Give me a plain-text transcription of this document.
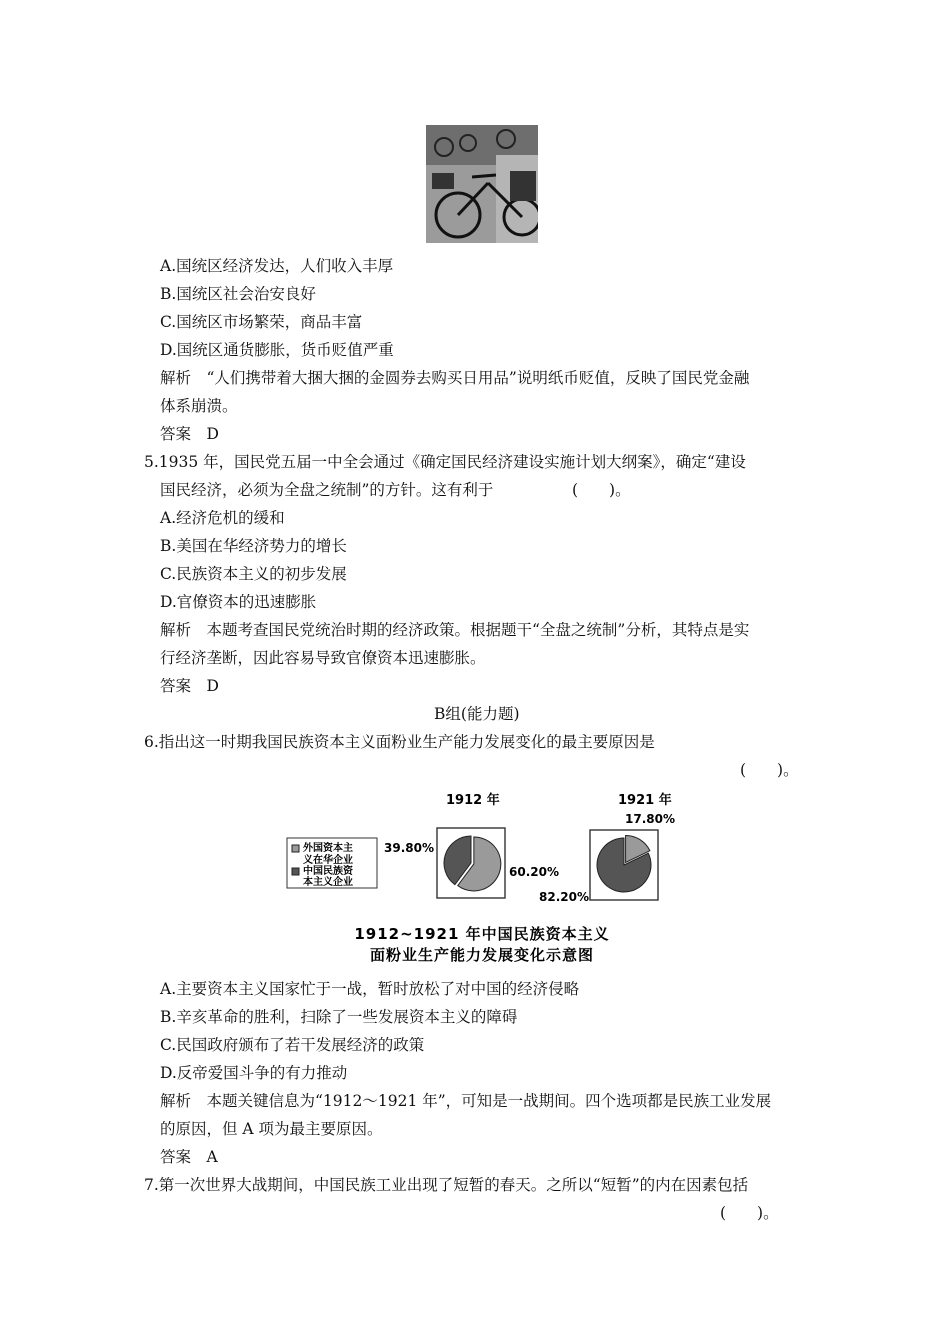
A.国统区经济发达，人们收入丰厚
B.国统区社会治安良好
C.国统区市场繁荣，商品丰富
D.国统区通货膨胀，货币贬值严重
解析　“人们携带着大捆大捆的金圆券去购买日用品”说明纸币贬值，反映了国民党金融
体系崩溃。
答案　D
5.1935 年，国民党五届一中全会通过《确定国民经济建设实施计划大纲案》，确定“建设
国民经济，必须为全盘之统制”的方针。这有利于	(　　)。
A.经济危机的缓和
B.美国在华经济势力的增长
C.民族资本主义的初步发展
D.官僚资本的迅速膨胀
解析　本题考查国民党统治时期的经济政策。根据题干“全盘之统制”分析，其特点是实
行经济垄断，因此容易导致官僚资本迅速膨胀。
答案　D
B组(能力题)
6.指出这一时期我国民族资本主义面粉业生产能力发展变化的最主要原因是
(　　)。
外国资本主
义在华企业
中国民族资
本主义企业
1912 年	1921 年
39.80%
60.20%
17.80%
82.20%
1912~1921 年中国民族资本主义
面粉业生产能力发展变化示意图
A.主要资本主义国家忙于一战，暂时放松了对中国的经济侵略
B.辛亥革命的胜利，扫除了一些发展资本主义的障碍
C.民国政府颁布了若干发展经济的政策
D.反帝爱国斗争的有力推动
解析　本题关键信息为“1912～1921 年”，可知是一战期间。四个选项都是民族工业发展
的原因，但 A 项为最主要原因。
答案　A
7.第一次世界大战期间，中国民族工业出现了短暂的春天。之所以“短暂”的内在因素包括
(　　)。
